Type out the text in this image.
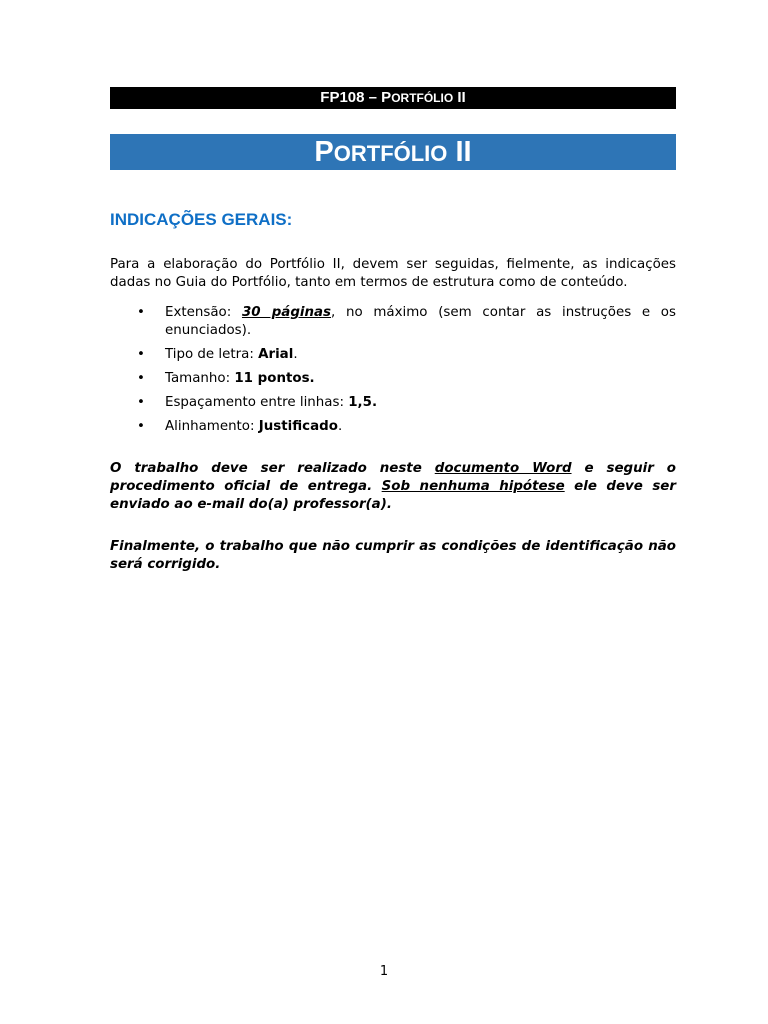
FP108 – PORTFÓLIO II
PORTFÓLIO II
INDICAÇÕES GERAIS:
Para a elaboração do Portfólio II, devem ser seguidas, fielmente, as indicações dadas no Guia do Portfólio, tanto em termos de estrutura como de conteúdo.
• Extensão: 30 páginas, no máximo (sem contar as instruções e os enunciados).
• Tipo de letra: Arial.
• Tamanho: 11 pontos.
• Espaçamento entre linhas: 1,5.
• Alinhamento: Justificado.
O trabalho deve ser realizado neste documento Word e seguir o procedimento oficial de entrega. Sob nenhuma hipótese ele deve ser enviado ao e-mail do(a) professor(a).
Finalmente, o trabalho que não cumprir as condições de identificação não será corrigido.
1
